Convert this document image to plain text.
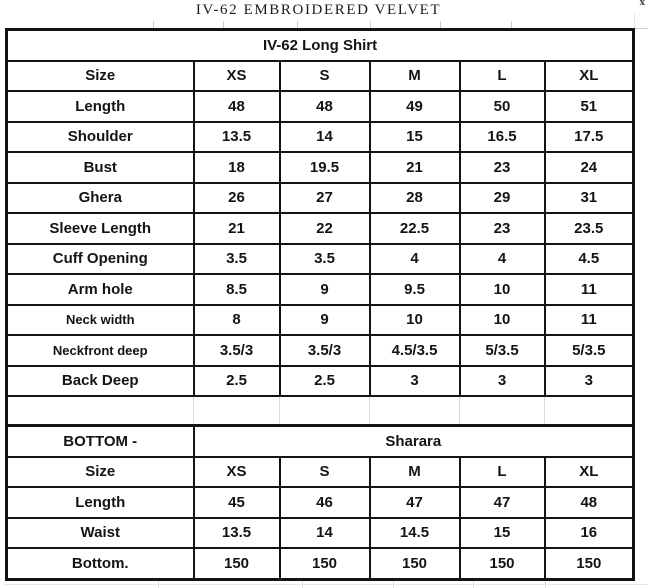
IV-62 EMBROIDERED VELVET	x
IV-62 Long Shirt					
Size	XS	S	M	L	XL
Length	48	48	49	50	51
Shoulder	13.5	14	15	16.5	17.5
Bust	18	19.5	21	23	24
Ghera	26	27	28	29	31
Sleeve Length	21	22	22.5	23	23.5
Cuff Opening	3.5	3.5	4	4	4.5
Arm hole	8.5	9	9.5	10	11
Neck width	8	9	10	10	11
Neckfront deep	3.5/3	3.5/3	4.5/3.5	5/3.5	5/3.5
Back Deep	2.5	2.5	3	3	3

BOTTOM -	Sharara				
Size	XS	S	M	L	XL
Length	45	46	47	47	48
Waist	13.5	14	14.5	15	16
Bottom.	150	150	150	150	150
